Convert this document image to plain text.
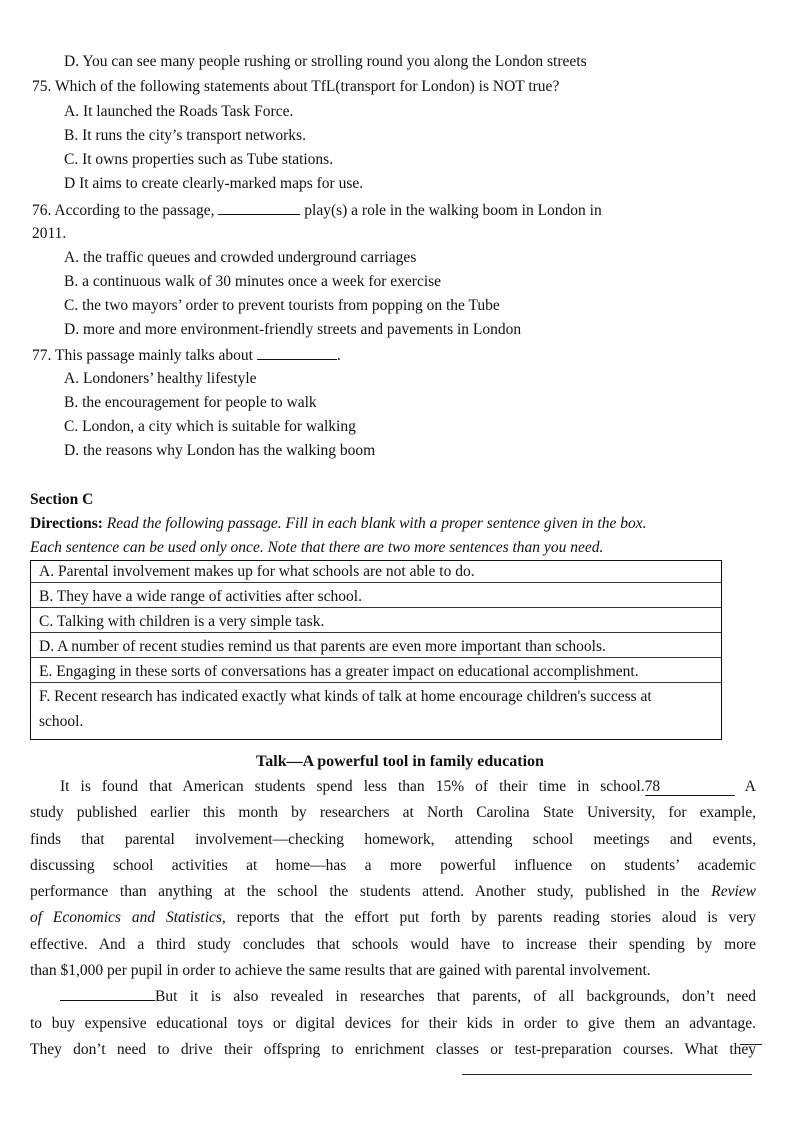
D. You can see many people rushing or strolling round you along the London streets
75. Which of the following statements about TfL(transport for London) is NOT true?
A. It launched the Roads Task Force.
B. It runs the city’s transport networks.
C. It owns properties such as Tube stations.
D It aims to create clearly-marked maps for use.
76. According to the passage,	play(s) a role in the walking boom in London in
2011.
A. the traffic queues and crowded underground carriages
B. a continuous walk of 30 minutes once a week for exercise
C. the two mayors’ order to prevent tourists from popping on the Tube
D. more and more environment-friendly streets and pavements in London
77. This passage mainly talks about	.
A. Londoners’ healthy lifestyle
B. the encouragement for people to walk
C. London, a city which is suitable for walking
D. the reasons why London has the walking boom
Section C
Directions: Read the following passage. Fill in each blank with a proper sentence given in the box.
Each sentence can be used only once. Note that there are two more sentences than you need.
A. Parental involvement makes up for what schools are not able to do.
B. They have a wide range of activities after school.
C. Talking with children is a very simple task.
D. A number of recent studies remind us that parents are even more important than schools.
E. Engaging in these sorts of conversations has a greater impact on educational accomplishment.
F. Recent research has indicated exactly what kinds of talk at home encourage children's success at
school.
Talk—A powerful tool in family education
It is found that American students spend less than 15% of their time in school.78	A
study published earlier this month by researchers at North Carolina State University, for example,
finds that parental involvement—checking homework, attending school meetings and events,
discussing school activities at home—has a more powerful influence on students’ academic
performance than anything at the school the students attend. Another study, published in the Review
of Economics and Statistics, reports that the effort put forth by parents reading stories aloud is very
effective. And a third study concludes that schools would have to increase their spending by more
than $1,000 per pupil in order to achieve the same results that are gained with parental involvement.
But it is also revealed in researches that parents, of all backgrounds, don’t need
to buy expensive educational toys or digital devices for their kids in order to give them an advantage.
They don’t need to drive their offspring to enrichment classes or test-preparation courses. What they
